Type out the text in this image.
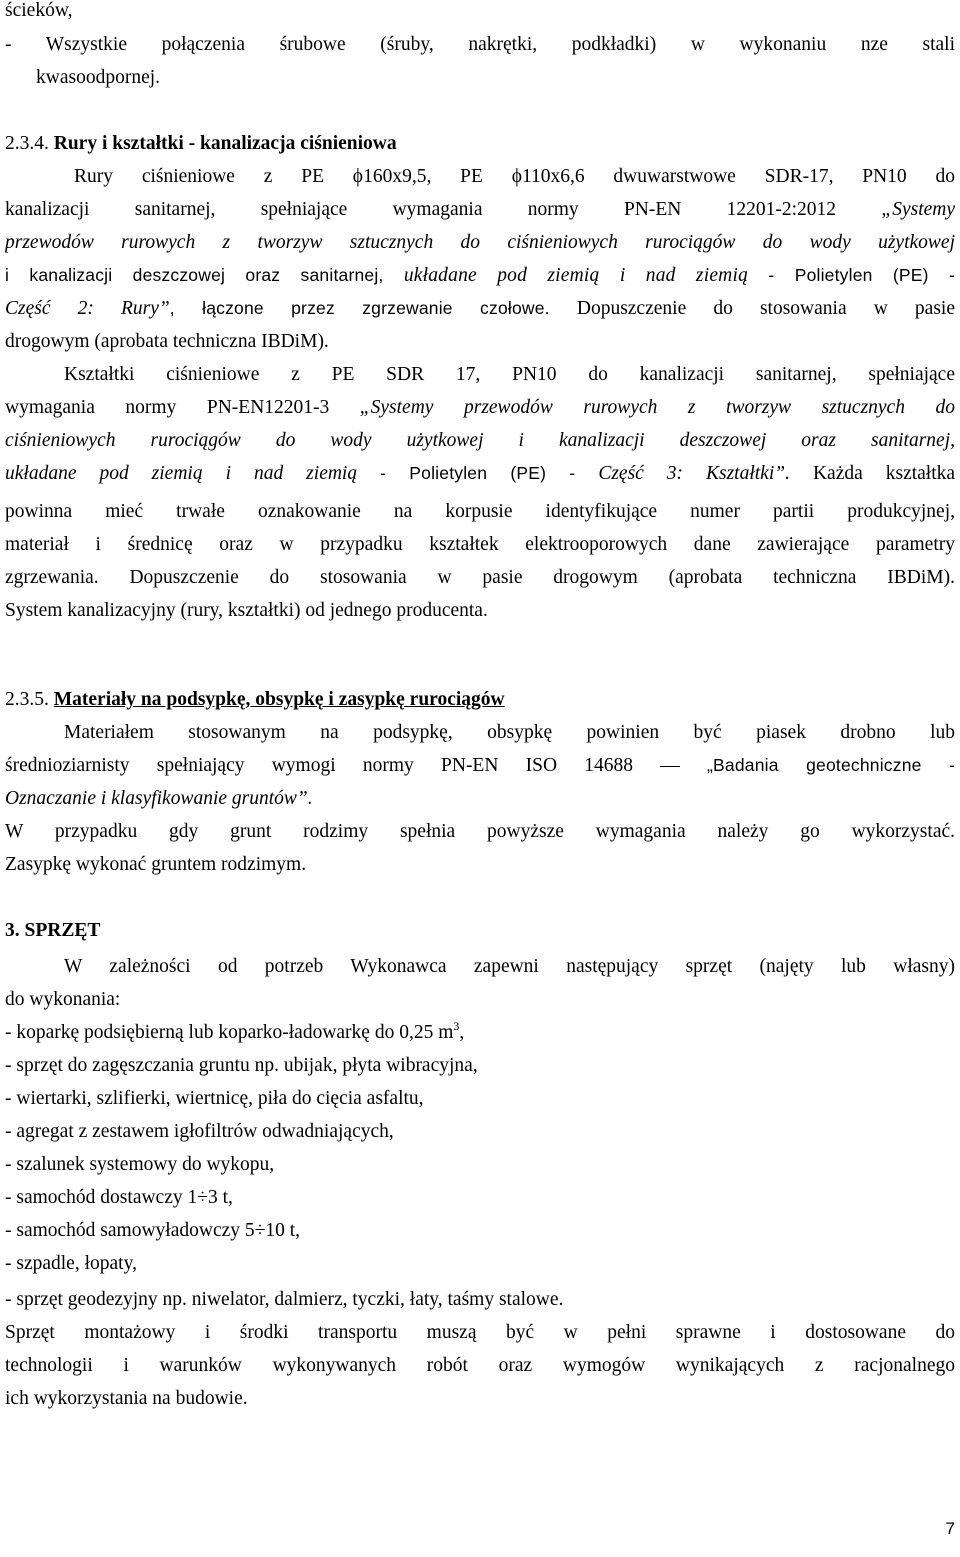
ścieków,
- Wszystkie połączenia śrubowe (śruby, nakrętki, podkładki) w wykonaniu nze stali
kwasoodpornej.
2.3.4. Rury i kształtki - kanalizacja ciśnieniowa
Rury ciśnieniowe z PE ϕ160x9,5, PE ϕ110x6,6 dwuwarstwowe SDR-17, PN10 do
kanalizacji sanitarnej, spełniające wymagania normy PN-EN 12201-2:2012 „Systemy
przewodów rurowych z tworzyw sztucznych do ciśnieniowych rurociągów do wody użytkowej
i kanalizacji deszczowej oraz sanitarnej, układane pod ziemią i nad ziemią - Polietylen (PE) -
Część 2: Rury”, łączone przez zgrzewanie czołowe. Dopuszczenie do stosowania w pasie
drogowym (aprobata techniczna IBDiM).
Kształtki ciśnieniowe z PE SDR 17, PN10 do kanalizacji sanitarnej, spełniające
wymagania normy PN-EN12201-3 „Systemy przewodów rurowych z tworzyw sztucznych do
ciśnieniowych rurociągów do wody użytkowej i kanalizacji deszczowej oraz sanitarnej,
układane pod ziemią i nad ziemią - Polietylen (PE) - Część 3: Kształtki”. Każda kształtka
powinna mieć trwałe oznakowanie na korpusie identyfikujące numer partii produkcyjnej,
materiał i średnicę oraz w przypadku kształtek elektrooporowych dane zawierające parametry
zgrzewania. Dopuszczenie do stosowania w pasie drogowym (aprobata techniczna IBDiM).
System kanalizacyjny (rury, kształtki) od jednego producenta.
2.3.5. Materiały na podsypkę, obsypkę i zasypkę rurociągów
Materiałem stosowanym na podsypkę, obsypkę powinien być piasek drobno lub
średnioziarnisty spełniający wymogi normy PN-EN ISO 14688 — „Badania geotechniczne -
Oznaczanie i klasyfikowanie gruntów”.
W przypadku gdy grunt rodzimy spełnia powyższe wymagania należy go wykorzystać.
Zasypkę wykonać gruntem rodzimym.
3. SPRZĘT
W zależności od potrzeb Wykonawca zapewni następujący sprzęt (najęty lub własny)
do wykonania:
- koparkę podsiębierną lub koparko-ładowarkę do 0,25 $m^3$,
- sprzęt do zagęszczania gruntu np. ubijak, płyta wibracyjna,
- wiertarki, szlifierki, wiertnicę, piła do cięcia asfaltu,
- agregat z zestawem igłofiltrów odwadniających,
- szalunek systemowy do wykopu,
- samochód dostawczy 1÷3 t,
- samochód samowyładowczy 5÷10 t,
- szpadle, łopaty,
- sprzęt geodezyjny np. niwelator, dalmierz, tyczki, łaty, taśmy stalowe.
Sprzęt montażowy i środki transportu muszą być w pełni sprawne i dostosowane do
technologii i warunków wykonywanych robót oraz wymogów wynikających z racjonalnego
ich wykorzystania na budowie.
7
